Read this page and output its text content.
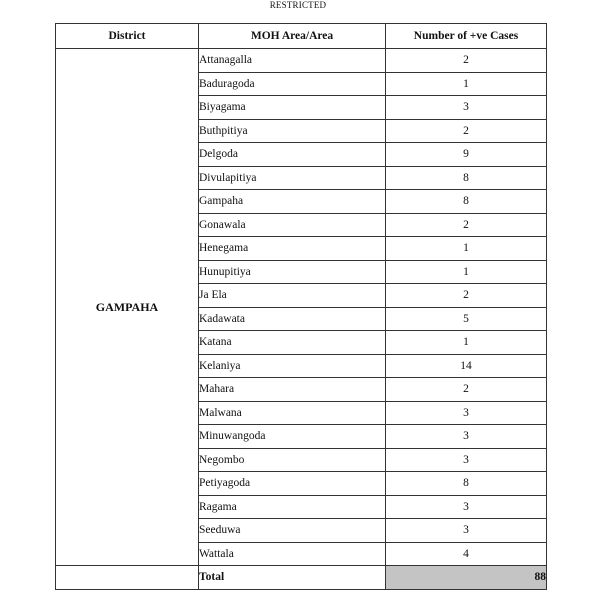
RESTRICTED
District	MOH Area/Area	Number of +ve Cases
GAMPAHA	Attanagalla	2
	Baduragoda	1
	Biyagama	3
	Buthpitiya	2
	Delgoda	9
	Divulapitiya	8
	Gampaha	8
	Gonawala	2
	Henegama	1
	Hunupitiya	1
	Ja Ela	2
	Kadawata	5
	Katana	1
	Kelaniya	14
	Mahara	2
	Malwana	3
	Minuwangoda	3
	Negombo	3
	Petiyagoda	8
	Ragama	3
	Seeduwa	3
	Wattala	4
	Total	88
